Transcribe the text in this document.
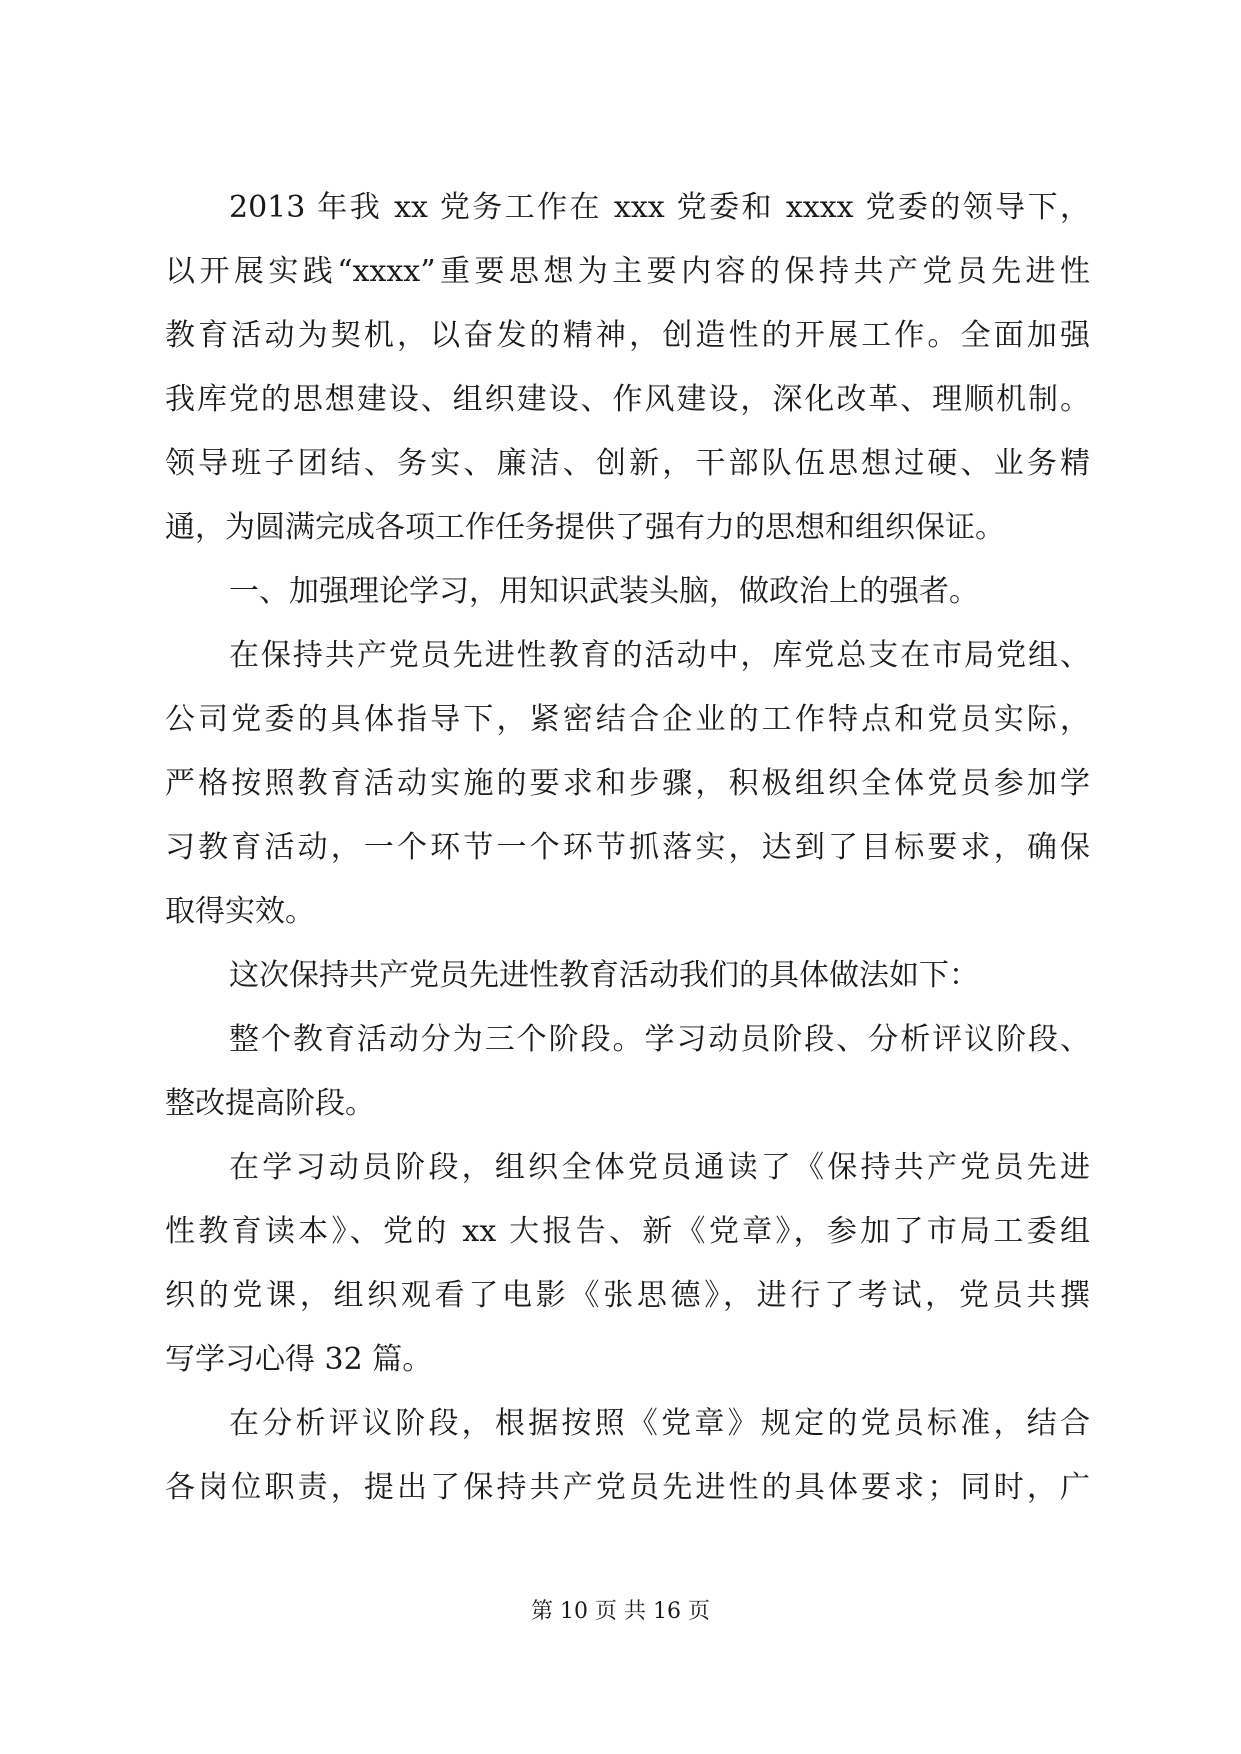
2013 年我 xx 党务工作在 xxx 党委和 xxxx 党委的领导下，
以开展实践“xxxx”重要思想为主要内容的保持共产党员先进性
教育活动为契机，以奋发的精神，创造性的开展工作。全面加强
我库党的思想建设、组织建设、作风建设，深化改革、理顺机制。
领导班子团结、务实、廉洁、创新，干部队伍思想过硬、业务精
通，为圆满完成各项工作任务提供了强有力的思想和组织保证。
一、加强理论学习，用知识武装头脑，做政治上的强者。
在保持共产党员先进性教育的活动中，库党总支在市局党组、
公司党委的具体指导下，紧密结合企业的工作特点和党员实际，
严格按照教育活动实施的要求和步骤，积极组织全体党员参加学
习教育活动，一个环节一个环节抓落实，达到了目标要求，确保
取得实效。
这次保持共产党员先进性教育活动我们的具体做法如下：
整个教育活动分为三个阶段。学习动员阶段、分析评议阶段、
整改提高阶段。
在学习动员阶段，组织全体党员通读了《保持共产党员先进
性教育读本》、党的 xx 大报告、新《党章》，参加了市局工委组
织的党课，组织观看了电影《张思德》，进行了考试，党员共撰
写学习心得 32 篇。
在分析评议阶段，根据按照《党章》规定的党员标准，结合
各岗位职责，提出了保持共产党员先进性的具体要求；同时，广
第 10 页 共 16 页
